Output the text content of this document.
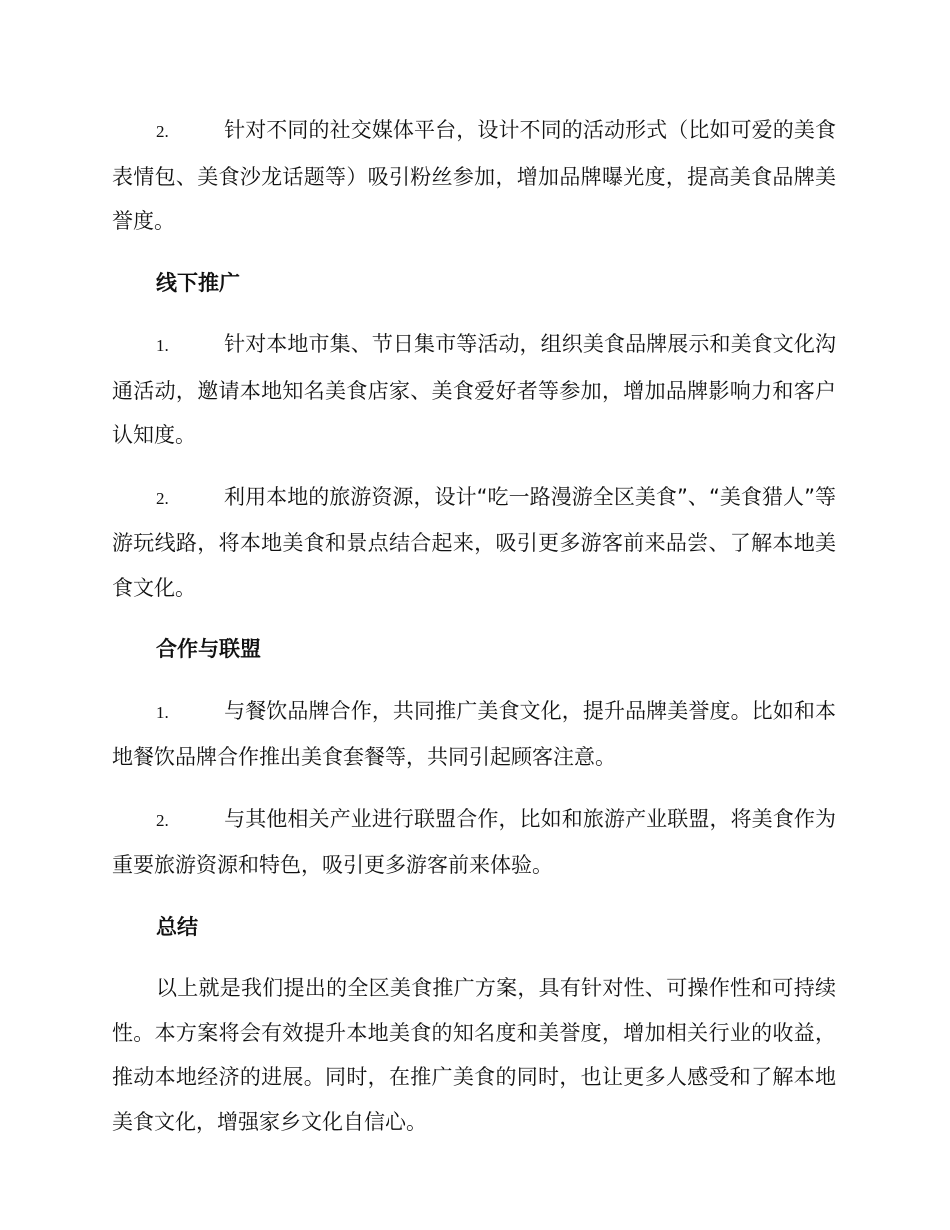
2.	针对不同的社交媒体平台，设计不同的活动形式（比如可爱的美食表情包、美食沙龙话题等）吸引粉丝参加，增加品牌曝光度，提高美食品牌美誉度。

线下推广

1.	针对本地市集、节日集市等活动，组织美食品牌展示和美食文化沟通活动，邀请本地知名美食店家、美食爱好者等参加，增加品牌影响力和客户认知度。

2.	利用本地的旅游资源，设计“吃一路漫游全区美食”、“美食猎人”等游玩线路，将本地美食和景点结合起来，吸引更多游客前来品尝、了解本地美食文化。

合作与联盟

1.	与餐饮品牌合作，共同推广美食文化，提升品牌美誉度。比如和本地餐饮品牌合作推出美食套餐等，共同引起顾客注意。

2.	与其他相关产业进行联盟合作，比如和旅游产业联盟，将美食作为重要旅游资源和特色，吸引更多游客前来体验。

总结

以上就是我们提出的全区美食推广方案，具有针对性、可操作性和可持续性。本方案将会有效提升本地美食的知名度和美誉度，增加相关行业的收益，推动本地经济的进展。同时，在推广美食的同时，也让更多人感受和了解本地美食文化，增强家乡文化自信心。
